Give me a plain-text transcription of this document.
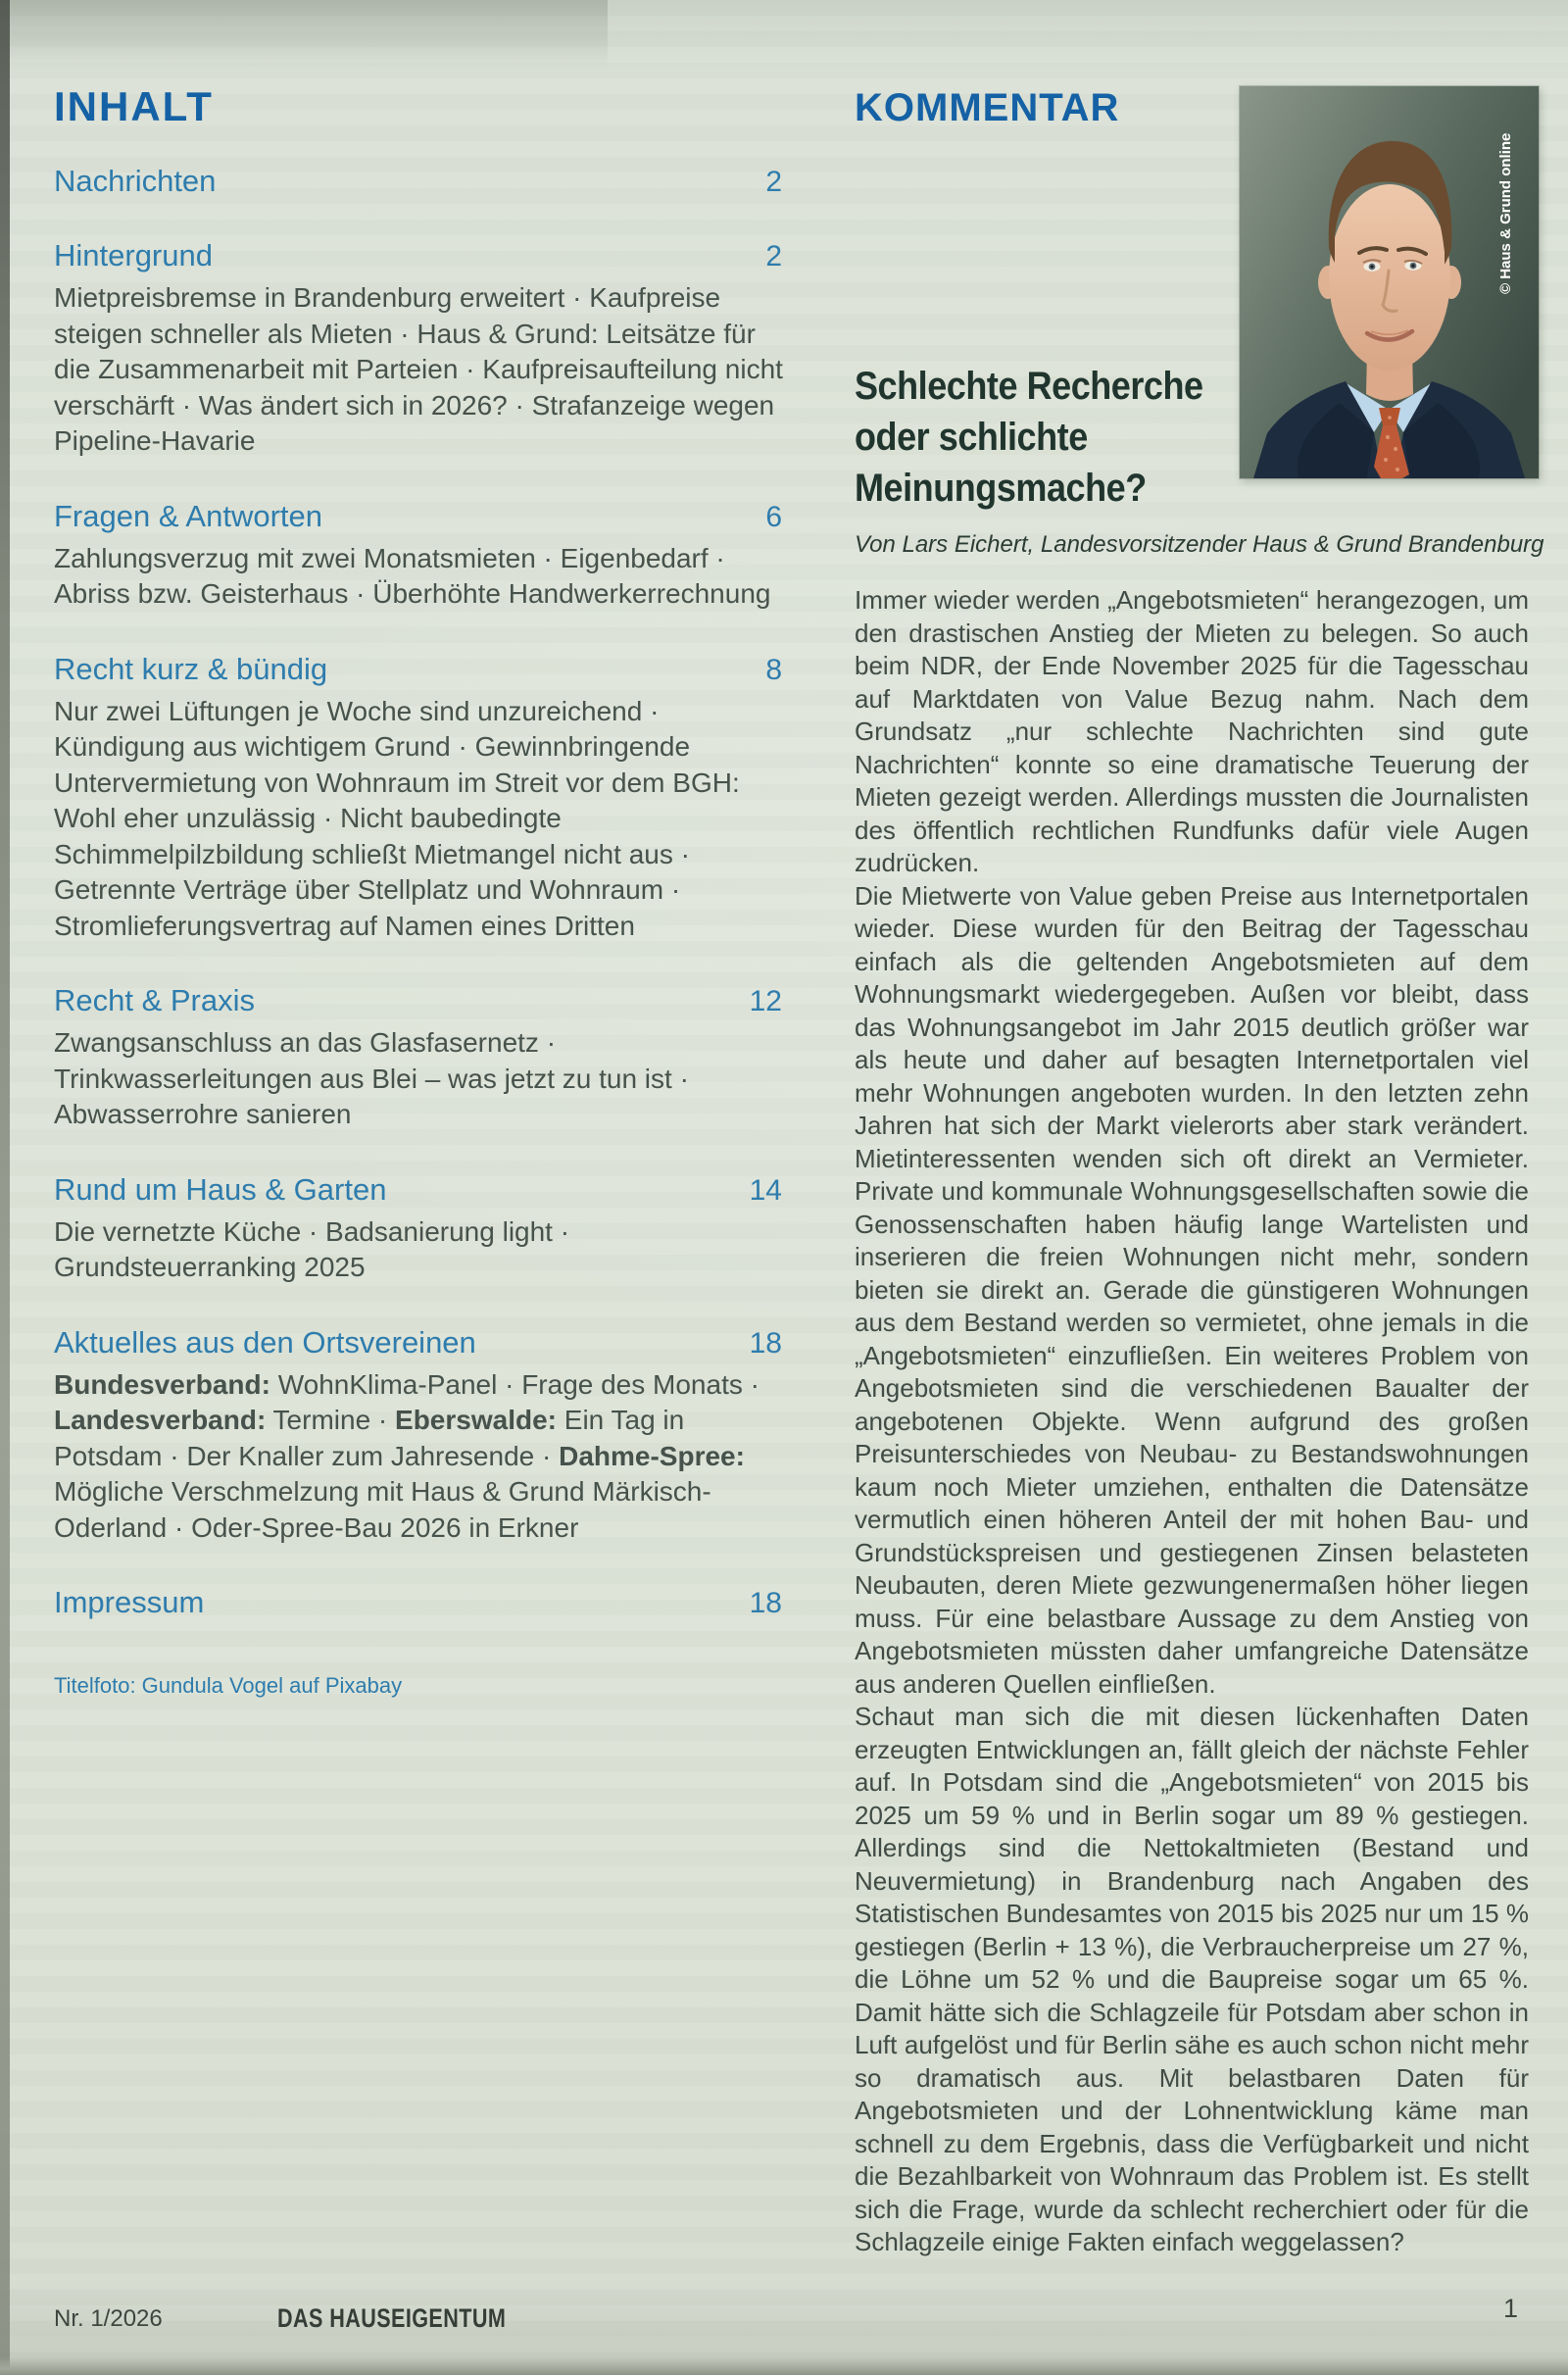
INHALT
Nachrichten	2
Hintergrund	2

Mietpreisbremse in Brandenburg erweitert · Kaufpreise steigen schneller als Mieten · Haus & Grund: Leitsätze für die Zusammenarbeit mit Parteien · Kaufpreisaufteilung nicht verschärft · Was ändert sich in 2026? · Strafanzeige wegen Pipeline-Havarie

Fragen & Antworten	6

Zahlungsverzug mit zwei Monatsmieten · Eigenbedarf · Abriss bzw. Geisterhaus · Überhöhte Handwerkerrechnung

Recht kurz & bündig	8

Nur zwei Lüftungen je Woche sind unzureichend · Kündigung aus wichtigem Grund · Gewinnbringende Untervermietung von Wohnraum im Streit vor dem BGH: Wohl eher unzulässig · Nicht baubedingte Schimmelpilzbildung schließt Mietmangel nicht aus · Getrennte Verträge über Stellplatz und Wohnraum · Stromlieferungsvertrag auf Namen eines Dritten

Recht & Praxis	12

Zwangsanschluss an das Glasfasernetz · Trinkwasserleitungen aus Blei – was jetzt zu tun ist · Abwasserrohre sanieren

Rund um Haus & Garten	14

Die vernetzte Küche · Badsanierung light · Grundsteuerranking 2025

Aktuelles aus den Ortsvereinen	18

Bundesverband: WohnKlima-Panel · Frage des Monats · Landesverband: Termine · Eberswalde: Ein Tag in Potsdam · Der Knaller zum Jahresende · Dahme-Spree: Mögliche Verschmelzung mit Haus & Grund Märkisch-Oderland · Oder-Spree-Bau 2026 in Erkner

Impressum	18
Titelfoto: Gundula Vogel auf Pixabay
KOMMENTAR
Schlechte Recherche
oder schlichte
Meinungsmache?
Von Lars Eichert, Landesvorsitzender Haus & Grund Brandenburg

Immer wieder werden „Angebotsmieten“ herangezogen, um den drastischen Anstieg der Mieten zu belegen. So auch beim NDR, der Ende November 2025 für die Tagesschau auf Marktdaten von Value Bezug nahm. Nach dem Grundsatz „nur schlechte Nachrichten sind gute Nachrichten“ konnte so eine dramatische Teuerung der Mieten gezeigt werden. Allerdings mussten die Journalisten des öffentlich rechtlichen Rundfunks dafür viele Augen zudrücken.

Die Mietwerte von Value geben Preise aus Internetportalen wieder. Diese wurden für den Beitrag der Tagesschau einfach als die geltenden Angebotsmieten auf dem Wohnungsmarkt wiedergegeben. Außen vor bleibt, dass das Wohnungsangebot im Jahr 2015 deutlich größer war als heute und daher auf besagten Internetportalen viel mehr Wohnungen angeboten wurden. In den letzten zehn Jahren hat sich der Markt vielerorts aber stark verändert. Mietinteressenten wenden sich oft direkt an Vermieter. Private und kommunale Wohnungsgesellschaften sowie die Genossenschaften haben häufig lange Wartelisten und inserieren die freien Wohnungen nicht mehr, sondern bieten sie direkt an. Gerade die günstigeren Wohnungen aus dem Bestand werden so vermietet, ohne jemals in die „Angebotsmieten“ einzufließen. Ein weiteres Problem von Angebotsmieten sind die verschiedenen Baualter der angebotenen Objekte. Wenn aufgrund des großen Preisunterschiedes von Neubau- zu Bestandswohnungen kaum noch Mieter umziehen, enthalten die Datensätze vermutlich einen höheren Anteil der mit hohen Bau- und Grundstückspreisen und gestiegenen Zinsen belasteten Neubauten, deren Miete gezwungenermaßen höher liegen muss. Für eine belastbare Aussage zu dem Anstieg von Angebotsmieten müssten daher umfangreiche Datensätze aus anderen Quellen einfließen.

Schaut man sich die mit diesen lückenhaften Daten erzeugten Entwicklungen an, fällt gleich der nächste Fehler auf. In Potsdam sind die „Angebotsmieten“ von 2015 bis 2025 um 59 % und in Berlin sogar um 89 % gestiegen. Allerdings sind die Nettokaltmieten (Bestand und Neuvermietung) in Brandenburg nach Angaben des Statistischen Bundesamtes von 2015 bis 2025 nur um 15 % gestiegen (Berlin + 13 %), die Verbraucherpreise um 27 %, die Löhne um 52 % und die Baupreise sogar um 65 %. Damit hätte sich die Schlagzeile für Potsdam aber schon in Luft aufgelöst und für Berlin sähe es auch schon nicht mehr so dramatisch aus. Mit belastbaren Daten für Angebotsmieten und der Lohnentwicklung käme man schnell zu dem Ergebnis, dass die Verfügbarkeit und nicht die Bezahlbarkeit von Wohnraum das Problem ist. Es stellt sich die Frage, wurde da schlecht recherchiert oder für die Schlagzeile einige Fakten einfach weggelassen?

© Haus & Grund online
Nr. 1/2026	DAS HAUSEIGENTUM	1
